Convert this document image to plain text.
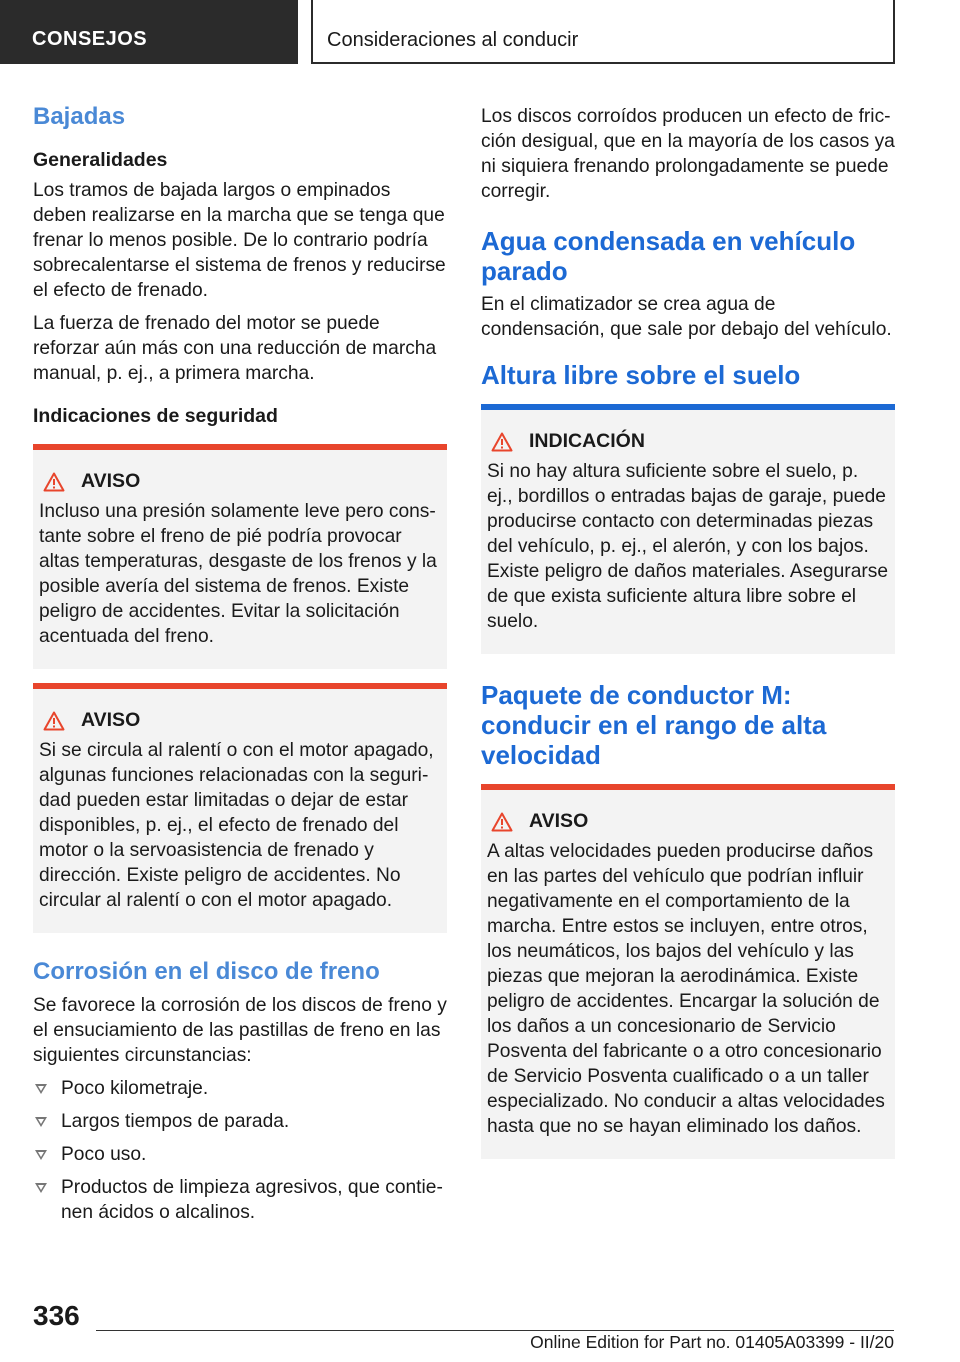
CONSEJOS	Consideraciones al conducir
Bajadas
Generalidades

Los tramos de bajada largos o empinados deben realizarse en la marcha que se tenga que frenar lo menos posible. De lo contrario podría sobrecalentarse el sistema de frenos y reducirse el efecto de frenado.

La fuerza de frenado del motor se puede reforzar aún más con una reducción de marcha manual, p. ej., a primera marcha.

Indicaciones de seguridad
AVISO

Incluso una presión solamente leve pero constante sobre el freno de pié podría provocar altas temperaturas, desgaste de los frenos y la posible avería del sistema de frenos. Existe peligro de accidentes. Evitar la solicitación acentuada del freno.

AVISO

Si se circula al ralentí o con el motor apagado, algunas funciones relacionadas con la seguridad pueden estar limitadas o dejar de estar disponibles, p. ej., el efecto de frenado del motor o la servoasistencia de frenado y dirección. Existe peligro de accidentes. No circular al ralentí o con el motor apagado.

Corrosión en el disco de freno

Se favorece la corrosión de los discos de freno y el ensuciamiento de las pastillas de freno en las siguientes circunstancias:

Poco kilometraje.
Largos tiempos de parada.
Poco uso.
Productos de limpieza agresivos, que contienen ácidos o alcalinos.

Los discos corroídos producen un efecto de fricción desigual, que en la mayoría de los casos ya ni siquiera frenando prolongadamente se puede corregir.

Agua condensada en vehículo parado

En el climatizador se crea agua de condensación, que sale por debajo del vehículo.

Altura libre sobre el suelo
INDICACIÓN

Si no hay altura suficiente sobre el suelo, p. ej., bordillos o entradas bajas de garaje, puede producirse contacto con determinadas piezas del vehículo, p. ej., el alerón, y con los bajos. Existe peligro de daños materiales. Asegurarse de que exista suficiente altura libre sobre el suelo.

Paquete de conductor M: conducir en el rango de alta velocidad
AVISO

A altas velocidades pueden producirse daños en las partes del vehículo que podrían influir negativamente en el comportamiento de la marcha. Entre estos se incluyen, entre otros, los neumáticos, los bajos del vehículo y las piezas que mejoran la aerodinámica. Existe peligro de accidentes. Encargar la solución de los daños a un concesionario de Servicio Posventa del fabricante o a otro concesionario de Servicio Posventa cualificado o a un taller especializado. No conducir a altas velocidades hasta que no se hayan eliminado los daños.

336
Online Edition for Part no. 01405A03399 - II/20
